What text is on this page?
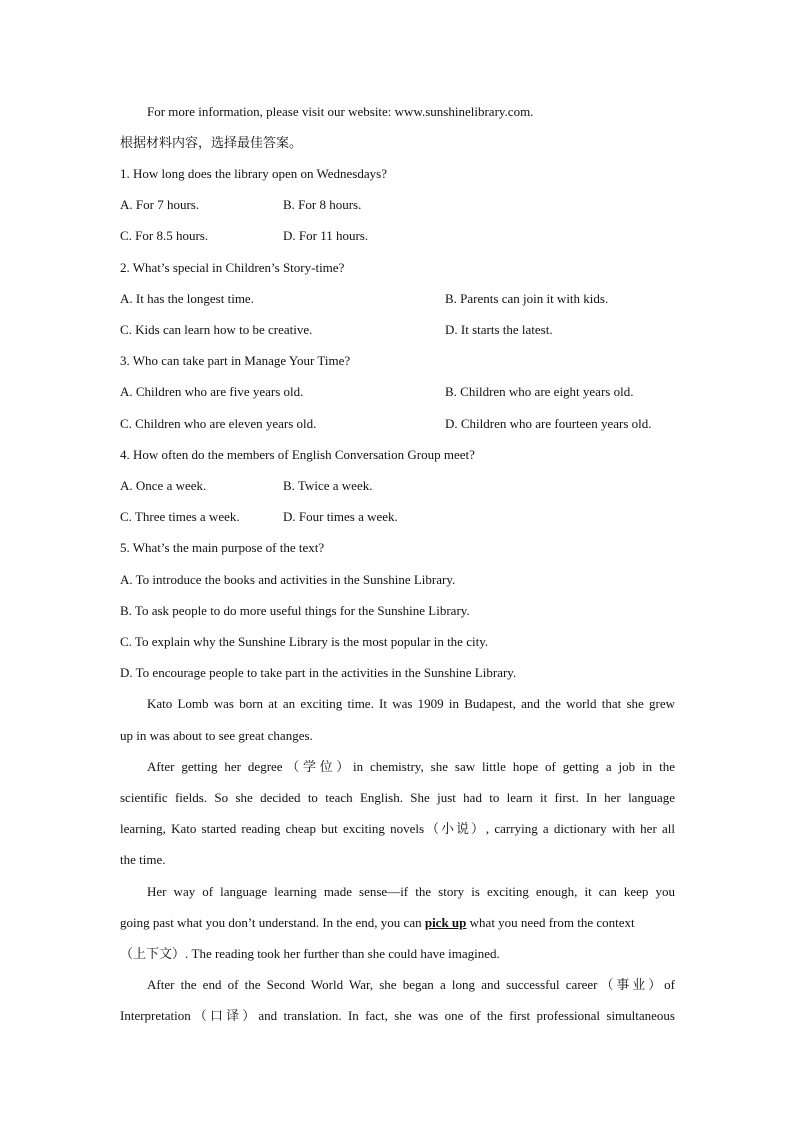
For more information, please visit our website: www.sunshinelibrary.com.
根据材料内容，选择最佳答案。
1. How long does the library open on Wednesdays?
A. For 7 hours.	B. For 8 hours.
C. For 8.5 hours.	D. For 11 hours.
2. What’s special in Children’s Story-time?
A. It has the longest time.	B. Parents can join it with kids.
C. Kids can learn how to be creative.	D. It starts the latest.
3. Who can take part in Manage Your Time?
A. Children who are five years old.	B. Children who are eight years old.
C. Children who are eleven years old.	D. Children who are fourteen years old.
4. How often do the members of English Conversation Group meet?
A. Once a week.	B. Twice a week.
C. Three times a week.	D. Four times a week.
5. What’s the main purpose of the text?
A. To introduce the books and activities in the Sunshine Library.
B. To ask people to do more useful things for the Sunshine Library.
C. To explain why the Sunshine Library is the most popular in the city.
D. To encourage people to take part in the activities in the Sunshine Library.
Kato Lomb was born at an exciting time. It was 1909 in Budapest, and the world that she grew
up in was about to see great changes.
After getting her degree（学位）in chemistry, she saw little hope of getting a job in the
scientific fields. So she decided to teach English. She just had to learn it first. In her language
learning, Kato started reading cheap but exciting novels（小说）, carrying a dictionary with her all
the time.
Her way of language learning made sense—if the story is exciting enough, it can keep you
going past what you don’t understand. In the end, you can pick up what you need from the context
（上下文）. The reading took her further than she could have imagined.
After the end of the Second World War, she began a long and successful career（事业）of
Interpretation（口译）and translation. In fact, she was one of the first professional simultaneous
